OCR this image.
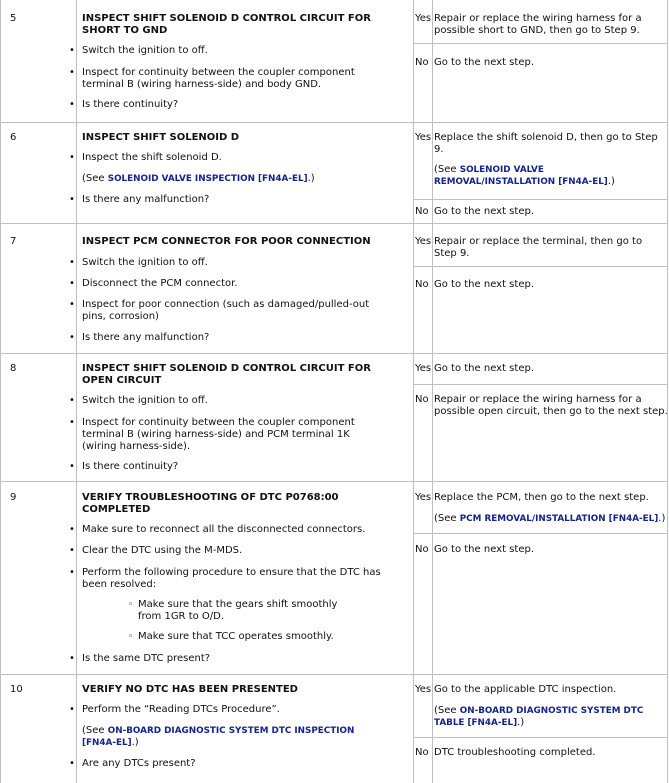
5	INSPECT SHIFT SOLENOID D CONTROL CIRCUIT FOR
SHORT TO GND
• Switch the ignition to off.
• Inspect for continuity between the coupler component
terminal B (wiring harness-side) and body GND.
• Is there continuity?
Yes Repair or replace the wiring harness for a
possible short to GND, then go to Step 9.
No Go to the next step.
6	INSPECT SHIFT SOLENOID D
• Inspect the shift solenoid D.
(See SOLENOID VALVE INSPECTION [FN4A-EL].)
• Is there any malfunction?
Yes Replace the shift solenoid D, then go to Step
9.
(See SOLENOID VALVE
REMOVAL/INSTALLATION [FN4A-EL].)
No Go to the next step.
7	INSPECT PCM CONNECTOR FOR POOR CONNECTION
• Switch the ignition to off.
• Disconnect the PCM connector.
• Inspect for poor connection (such as damaged/pulled-out
pins, corrosion)
• Is there any malfunction?
Yes Repair or replace the terminal, then go to
Step 9.
No Go to the next step.
8	INSPECT SHIFT SOLENOID D CONTROL CIRCUIT FOR
OPEN CIRCUIT
• Switch the ignition to off.
• Inspect for continuity between the coupler component
terminal B (wiring harness-side) and PCM terminal 1K
(wiring harness-side).
• Is there continuity?
Yes Go to the next step.
No Repair or replace the wiring harness for a
possible open circuit, then go to the next step.
9	VERIFY TROUBLESHOOTING OF DTC P0768:00
COMPLETED
• Make sure to reconnect all the disconnected connectors.
• Clear the DTC using the M-MDS.
• Perform the following procedure to ensure that the DTC has
been resolved:
◦ Make sure that the gears shift smoothly
from 1GR to O/D.
◦ Make sure that TCC operates smoothly.
• Is the same DTC present?
Yes Replace the PCM, then go to the next step.
(See PCM REMOVAL/INSTALLATION [FN4A-EL].)
No Go to the next step.
10	VERIFY NO DTC HAS BEEN PRESENTED
• Perform the “Reading DTCs Procedure”.
(See ON-BOARD DIAGNOSTIC SYSTEM DTC INSPECTION
[FN4A-EL].)
• Are any DTCs present?
Yes Go to the applicable DTC inspection.
(See ON-BOARD DIAGNOSTIC SYSTEM DTC
TABLE [FN4A-EL].)
No DTC troubleshooting completed.
